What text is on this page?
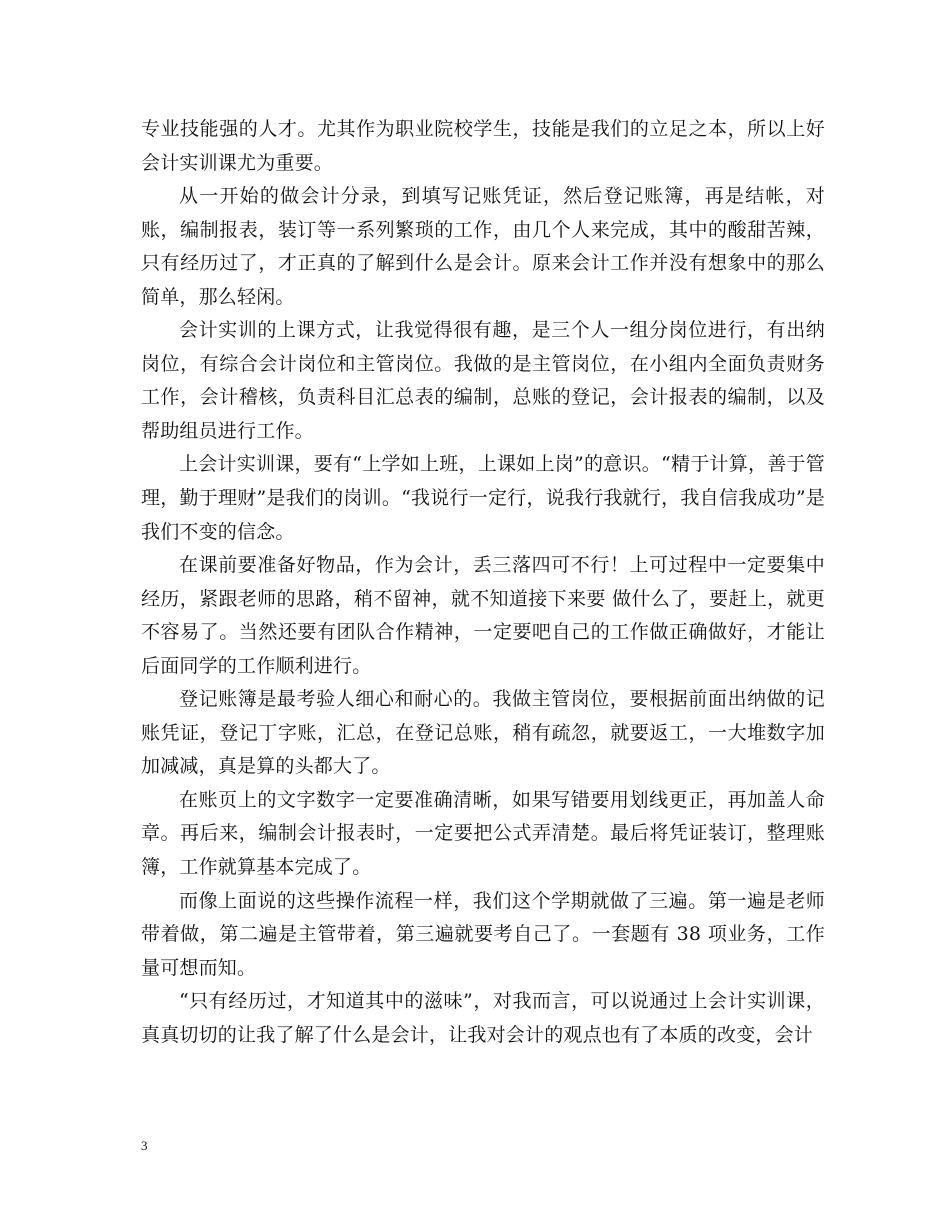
专业技能强的人才。尤其作为职业院校学生，技能是我们的立足之本，所以上好会计实训课尤为重要。

从一开始的做会计分录，到填写记账凭证，然后登记账簿，再是结帐，对账，编制报表，装订等一系列繁琐的工作，由几个人来完成，其中的酸甜苦辣，只有经历过了，才正真的了解到什么是会计。原来会计工作并没有想象中的那么简单，那么轻闲。

会计实训的上课方式，让我觉得很有趣，是三个人一组分岗位进行，有出纳岗位，有综合会计岗位和主管岗位。我做的是主管岗位，在小组内全面负责财务工作，会计稽核，负责科目汇总表的编制，总账的登记，会计报表的编制，以及帮助组员进行工作。

上会计实训课，要有“上学如上班，上课如上岗”的意识。“精于计算，善于管理，勤于理财”是我们的岗训。“我说行一定行，说我行我就行，我自信我成功”是我们不变的信念。

在课前要准备好物品，作为会计，丢三落四可不行！上可过程中一定要集中经历，紧跟老师的思路，稍不留神，就不知道接下来要 做什么了，要赶上，就更不容易了。当然还要有团队合作精神，一定要吧自己的工作做正确做好，才能让后面同学的工作顺利进行。

登记账簿是最考验人细心和耐心的。我做主管岗位，要根据前面出纳做的记账凭证，登记丁字账，汇总，在登记总账，稍有疏忽，就要返工，一大堆数字加加减减，真是算的头都大了。

在账页上的文字数字一定要准确清晰，如果写错要用划线更正，再加盖人命章。再后来，编制会计报表时，一定要把公式弄清楚。最后将凭证装订，整理账簿，工作就算基本完成了。

而像上面说的这些操作流程一样，我们这个学期就做了三遍。第一遍是老师带着做，第二遍是主管带着，第三遍就要考自己了。一套题有 38 项业务，工作量可想而知。

“只有经历过，才知道其中的滋味”，对我而言，可以说通过上会计实训课，真真切切的让我了解了什么是会计，让我对会计的观点也有了本质的改变，会计

3
